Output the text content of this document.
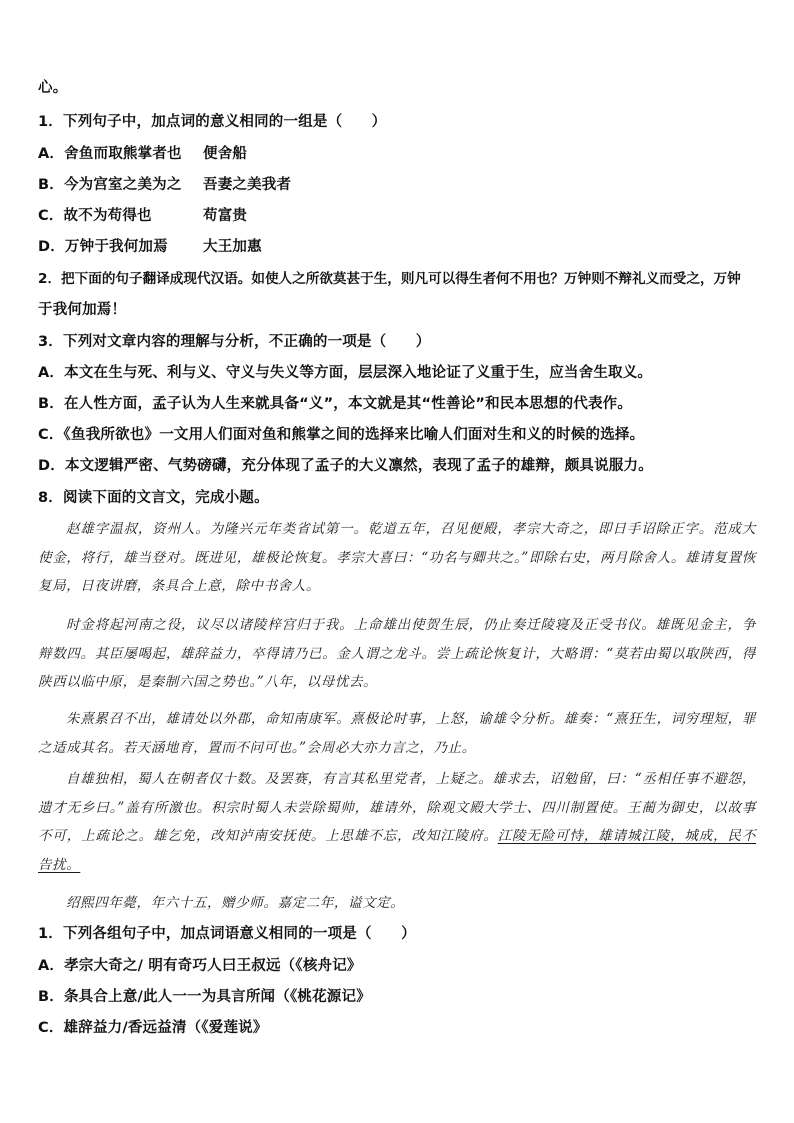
心。
1．下列句子中，加点词的意义相同的一组是（　　）
A．舍鱼而取熊掌者也 便舍船
B．今为宫室之美为之 吾妻之美我者
C．故不为苟得也	苟富贵
D．万钟于我何加焉 大王加惠
2．把下面的句子翻译成现代汉语。如使人之所欲莫甚于生，则凡可以得生者何不用也？万钟则不辩礼义而受之，万钟
于我何加焉！
3．下列对文章内容的理解与分析，不正确的一项是（　　）
A．本文在生与死、利与义、守义与失义等方面，层层深入地论证了义重于生，应当舍生取义。
B．在人性方面，孟子认为人生来就具备“义”，本文就是其“性善论”和民本思想的代表作。
C．《鱼我所欲也》一文用人们面对鱼和熊掌之间的选择来比喻人们面对生和义的时候的选择。
D．本文逻辑严密、气势磅礴，充分体现了孟子的大义凛然，表现了孟子的雄辩，颇具说服力。
8．阅读下面的文言文，完成小题。
赵雄字温叔，资州人。为隆兴元年类省试第一。乾道五年，召见便殿，孝宗大奇之，即日手诏除正字。范成大使金，将行，雄当登对。既进见，雄极论恢复。孝宗大喜曰：“功名与卿共之。”即除右史，两月除舍人。雄请复置恢复局，日夜讲磨，条具合上意，除中书舍人。
时金将起河南之役，议尽以诸陵梓宫归于我。上命雄出使贺生辰，仍止奏迁陵寝及正受书仪。雄既见金主，争辩数四。其臣屡喝起，雄辞益力，卒得请乃已。金人谓之龙斗。尝上疏论恢复计，大略谓：“莫若由蜀以取陕西，得陕西以临中原，是秦制六国之势也。”八年，以母忧去。
朱熹累召不出，雄请处以外郡，命知南康军。熹极论时事，上怒，谕雄令分析。雄奏：“熹狂生，词穷理短，罪之适成其名。若天涵地育，置而不问可也。”会周必大亦力言之，乃止。
自雄独相，蜀人在朝者仅十数。及罢赛，有言其私里党者，上疑之。雄求去，诏勉留，曰：“丞相任事不避怨，遗才无乡曰。”盖有所激也。积宗时蜀人未尝除蜀帅，雄请外，除观文殿大学士、四川制置使。王蔺为御史，以故事不可，上疏论之。雄乞免，改知泸南安抚使。上思雄不忘，改知江陵府。江陵无险可恃，雄请城江陵，城成，民不告扰。
绍熙四年薨，年六十五，赠少师。嘉定二年，谥文定。
1．下列各组句子中，加点词语意义相同的一项是（　　）
A．孝宗大奇之/ 明有奇巧人曰王叔远（《核舟记》
B．条具合上意/此人一一为具言所闻（《桃花源记》
C．雄辞益力/香远益清（《爱莲说》
